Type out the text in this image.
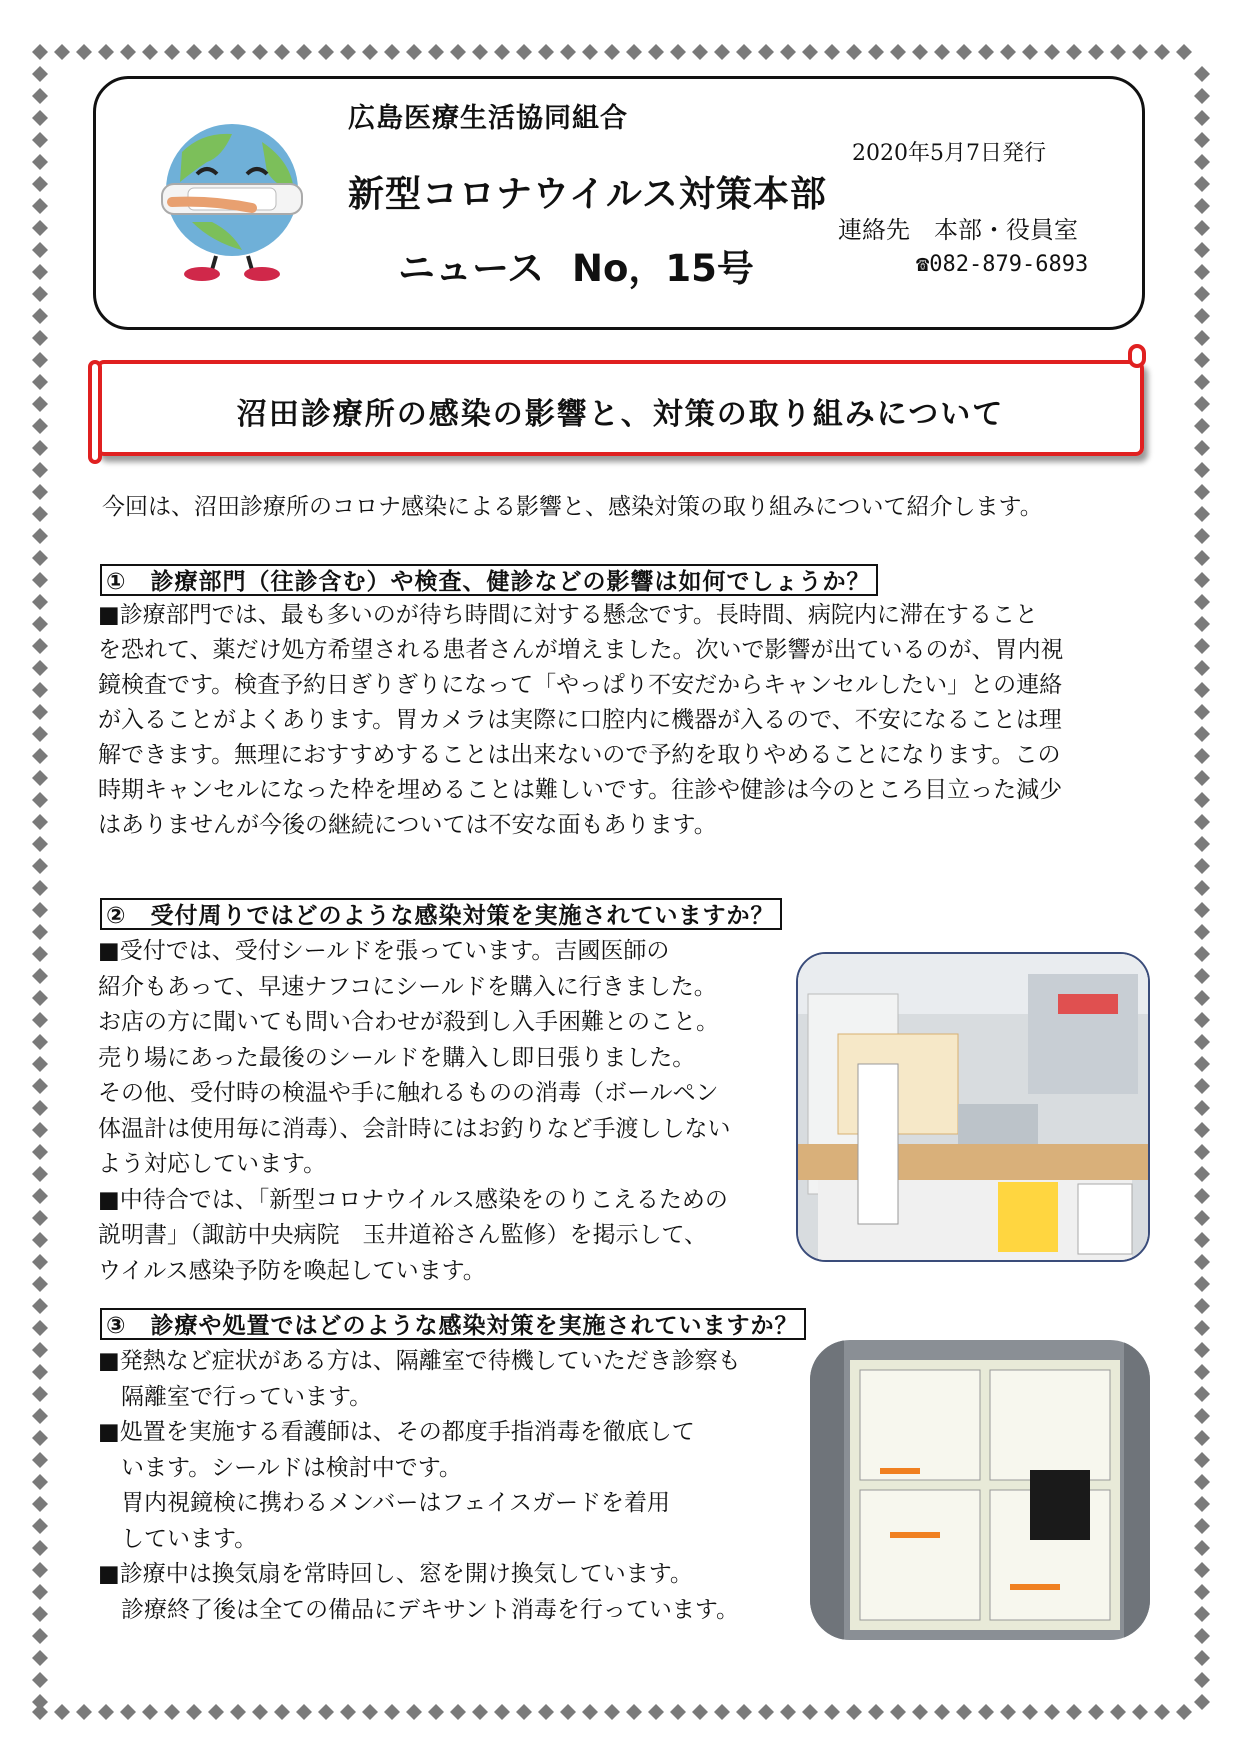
広島医療生活協同組合
新型コロナウイルス対策本部
ニュース No，15号
2020年5月7日発行
連絡先　本部・役員室
☎082-879-6893
沼田診療所の感染の影響と、対策の取り組みについて
今回は、沼田診療所のコロナ感染による影響と、感染対策の取り組みについて紹介します。
①　診療部門（往診含む）や検査、健診などの影響は如何でしょうか？

■診療部門では、最も多いのが待ち時間に対する懸念です。長時間、病院内に滞在すること

を恐れて、薬だけ処方希望される患者さんが増えました。次いで影響が出ているのが、胃内視

鏡検査です。検査予約日ぎりぎりになって「やっぱり不安だからキャンセルしたい」との連絡

が入ることがよくあります。胃カメラは実際に口腔内に機器が入るので、不安になることは理

解できます。無理におすすめすることは出来ないので予約を取りやめることになります。この

時期キャンセルになった枠を埋めることは難しいです。往診や健診は今のところ目立った減少

はありませんが今後の継続については不安な面もあります。

②　受付周りではどのような感染対策を実施されていますか？

■受付では、受付シールドを張っています。吉國医師の

紹介もあって、早速ナフコにシールドを購入に行きました。

お店の方に聞いても問い合わせが殺到し入手困難とのこと。

売り場にあった最後のシールドを購入し即日張りました。

その他、受付時の検温や手に触れるものの消毒（ボールペン

体温計は使用毎に消毒）、会計時にはお釣りなど手渡ししない

よう対応しています。

■中待合では、「新型コロナウイルス感染をのりこえるための

説明書」（諏訪中央病院　玉井道裕さん監修）を掲示して、

ウイルス感染予防を喚起しています。

③　診療や処置ではどのような感染対策を実施されていますか？

■発熱など症状がある方は、隔離室で待機していただき診察も

　隔離室で行っています。

■処置を実施する看護師は、その都度手指消毒を徹底して

　います。シールドは検討中です。

　胃内視鏡検に携わるメンバーはフェイスガードを着用

　しています。

■診療中は換気扇を常時回し、窓を開け換気しています。

　診療終了後は全ての備品にデキサント消毒を行っています。
